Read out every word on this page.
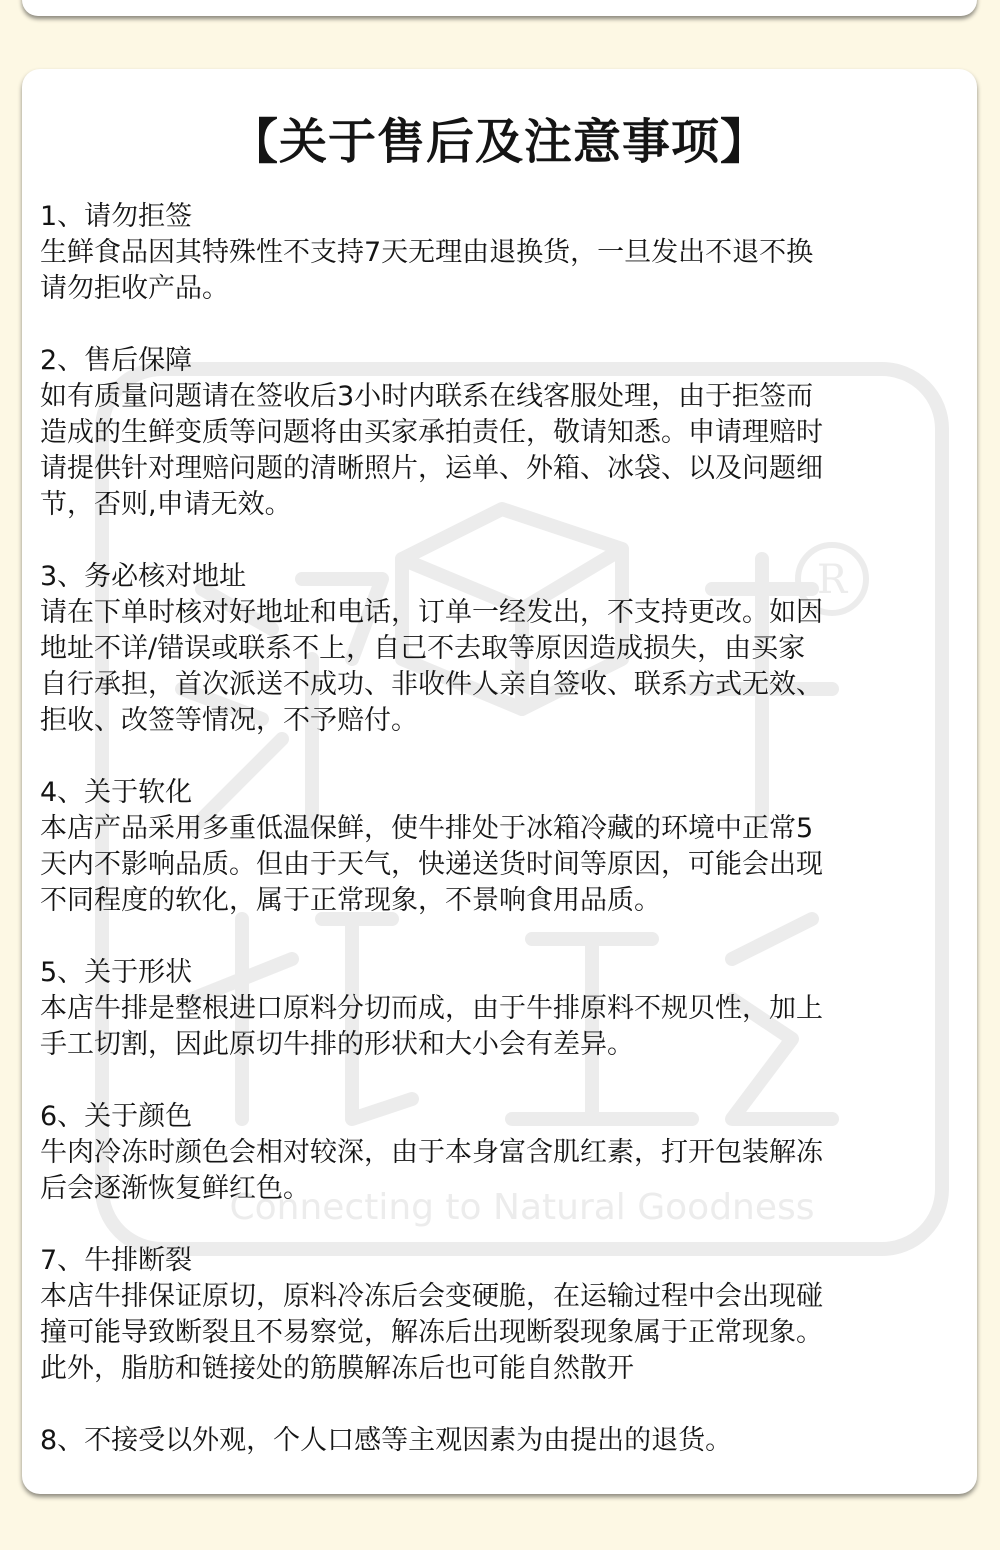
R
Connecting to Natural Goodness
【关于售后及注意事项】

1、请勿拒签

生鲜食品因其特殊性不支持7天无理由退换货，一旦发出不退不换
请勿拒收产品。

2、售后保障

如有质量问题请在签收后3小时内联系在线客服处理，由于拒签而
造成的生鲜变质等问题将由买家承拍责任，敬请知悉。申请理赔时
请提供针对理赔问题的清晰照片，运单、外箱、冰袋、以及问题细
节，否则,申请无效。

3、务必核对地址

请在下单时核对好地址和电话，订单一经发出，不支持更改。如因
地址不详/错误或联系不上，自己不去取等原因造成损失，由买家
自行承担，首次派送不成功、非收件人亲自签收、联系方式无效、
拒收、改签等情况，不予赔付。

4、关于软化

本店产品采用多重低温保鲜，使牛排处于冰箱冷藏的环境中正常5
天内不影响品质。但由于天气，快递送货时间等原因，可能会出现
不同程度的软化，属于正常现象，不景响食用品质。

5、关于形状

本店牛排是整根进口原料分切而成，由于牛排原料不规贝性，加上
手工切割，因此原切牛排的形状和大小会有差异。

6、关于颜色

牛肉冷冻时颜色会相对较深，由于本身富含肌红素，打开包装解冻
后会逐渐恢复鲜红色。

7、牛排断裂

本店牛排保证原切，原料冷冻后会变硬脆，在运输过程中会出现碰
撞可能导致断裂且不易察觉，解冻后出现断裂现象属于正常现象。
此外，脂肪和链接处的筋膜解冻后也可能自然散开

8、不接受以外观，个人口感等主观因素为由提出的退货。
